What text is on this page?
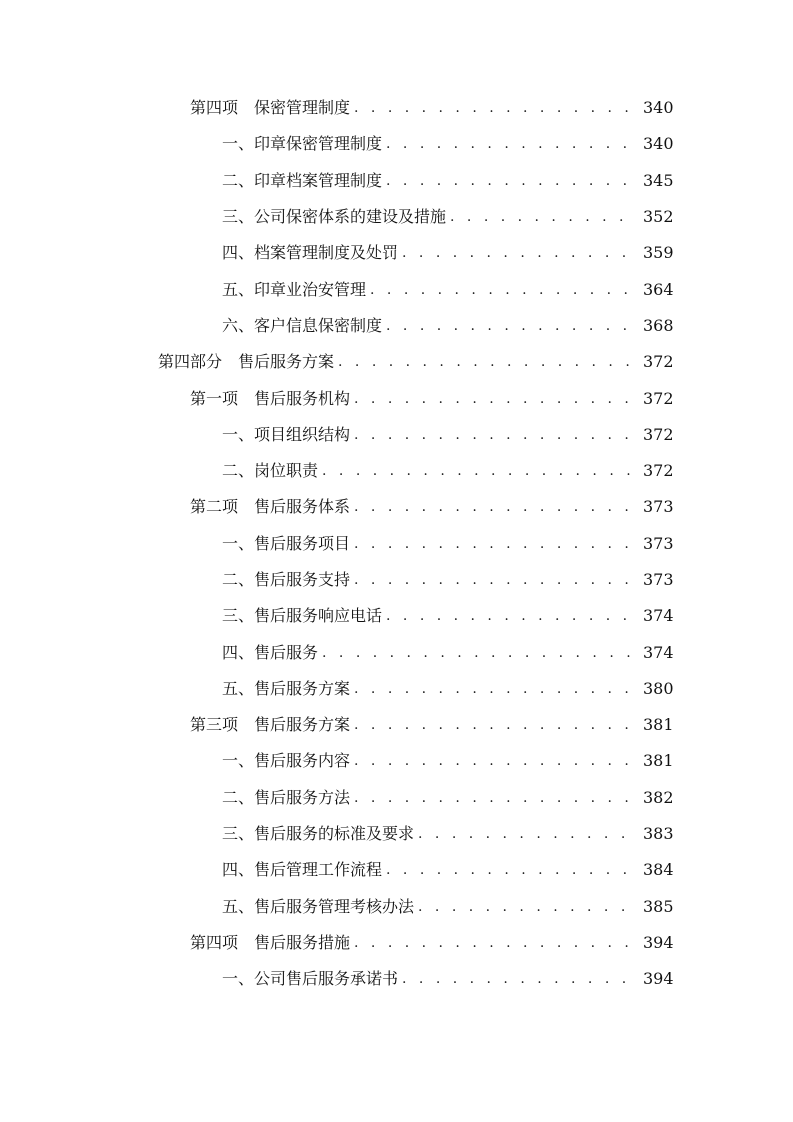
第四项　保密管理制度 . . .	340
一、印章保密管理制度 . . .	340
二、印章档案管理制度 . . .	345
三、公司保密体系的建设及措施 . . .	352
四、档案管理制度及处罚 . . .	359
五、印章业治安管理 . . .	364
六、客户信息保密制度 . . .	368
第四部分　售后服务方案 . . .	372
第一项　售后服务机构 . . .	372
一、项目组织结构 . . .	372
二、岗位职责 . . .	372
第二项　售后服务体系 . . .	373
一、售后服务项目 . . .	373
二、售后服务支持 . . .	373
三、售后服务响应电话 . . .	374
四、售后服务 . . .	374
五、售后服务方案 . . .	380
第三项　售后服务方案 . . .	381
一、售后服务内容 . . .	381
二、售后服务方法 . . .	382
三、售后服务的标准及要求 . . .	383
四、售后管理工作流程 . . .	384
五、售后服务管理考核办法 . . .	385
第四项　售后服务措施 . . .	394
一、公司售后服务承诺书 . . .	394
